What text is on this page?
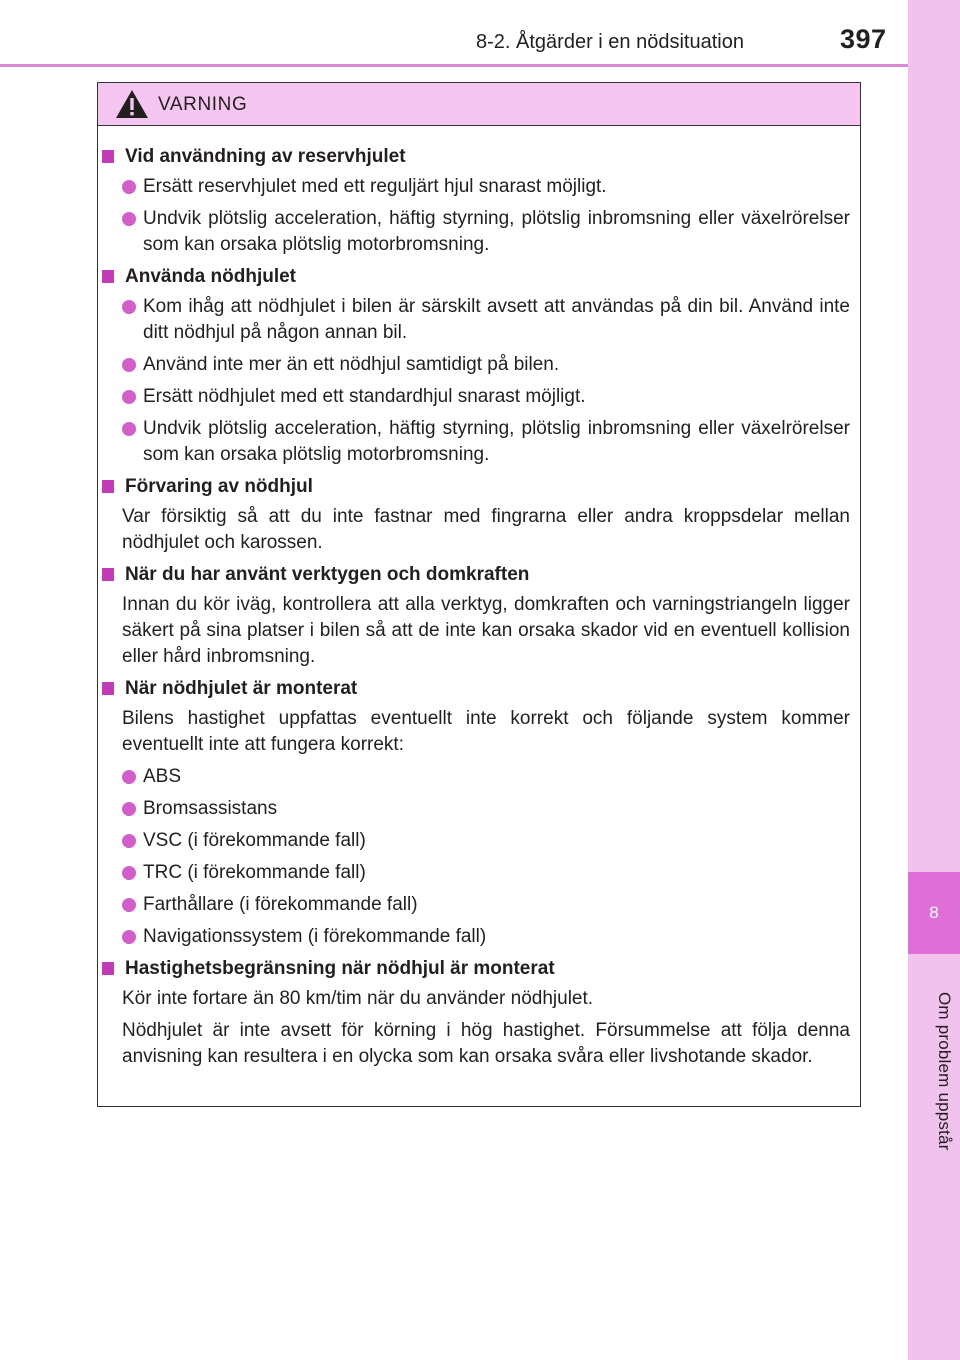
8
Om problem uppstår
8-2. Åtgärder i en nödsituation	397
VARNING
Vid användning av reservhjulet
Ersätt reservhjulet med ett reguljärt hjul snarast möjligt.
Undvik plötslig acceleration, häftig styrning, plötslig inbromsning eller växelrörelser som kan orsaka plötslig motorbromsning.
Använda nödhjulet
Kom ihåg att nödhjulet i bilen är särskilt avsett att användas på din bil. Använd inte ditt nödhjul på någon annan bil.
Använd inte mer än ett nödhjul samtidigt på bilen.
Ersätt nödhjulet med ett standardhjul snarast möjligt.
Undvik plötslig acceleration, häftig styrning, plötslig inbromsning eller växelrörelser som kan orsaka plötslig motorbromsning.
Förvaring av nödhjul
Var försiktig så att du inte fastnar med fingrarna eller andra kroppsdelar mellan nödhjulet och karossen.
När du har använt verktygen och domkraften
Innan du kör iväg, kontrollera att alla verktyg, domkraften och varningstriangeln ligger säkert på sina platser i bilen så att de inte kan orsaka skador vid en eventuell kollision eller hård inbromsning.
När nödhjulet är monterat
Bilens hastighet uppfattas eventuellt inte korrekt och följande system kommer eventuellt inte att fungera korrekt:
ABS
Bromsassistans
VSC (i förekommande fall)
TRC (i förekommande fall)
Farthållare (i förekommande fall)
Navigationssystem (i förekommande fall)
Hastighetsbegränsning när nödhjul är monterat
Kör inte fortare än 80 km/tim när du använder nödhjulet.
Nödhjulet är inte avsett för körning i hög hastighet. Försummelse att följa denna anvisning kan resultera i en olycka som kan orsaka svåra eller livshotande skador.
